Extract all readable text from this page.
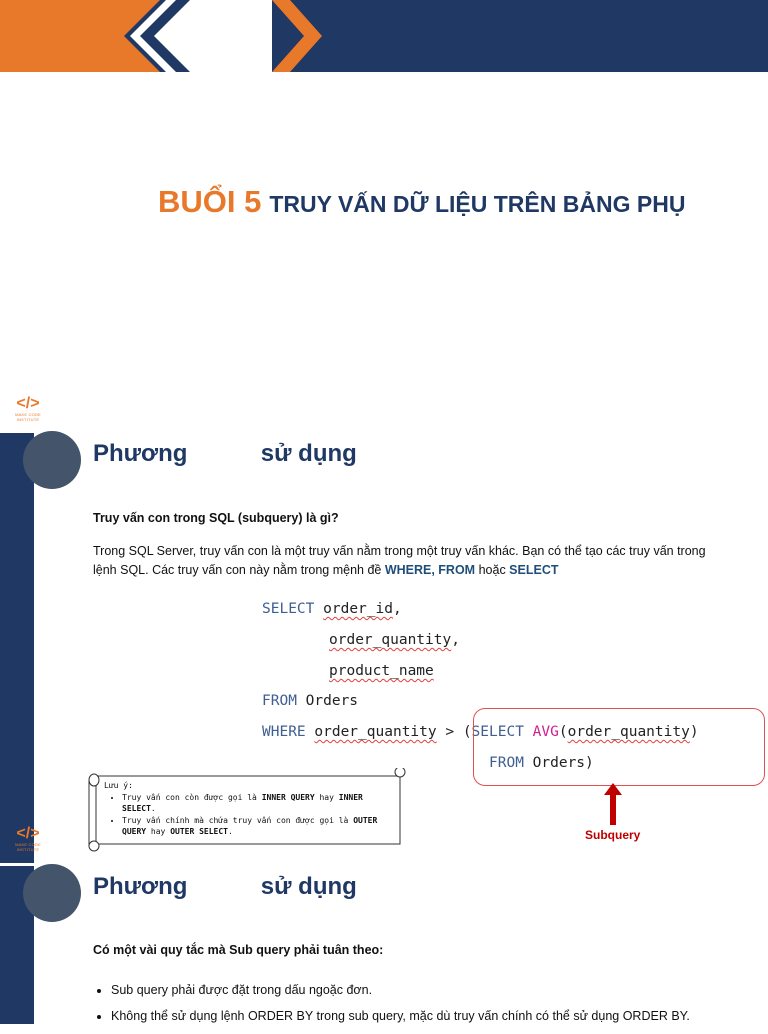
BUỔI 5 TRUY VẤN DỮ LIỆU TRÊN BẢNG PHỤ
</>
MAKE CODE INSTITUTE
Phương           sử dụng
Truy vấn con trong SQL (subquery) là gì?
Trong SQL Server, truy vấn con là một truy vấn nằm trong một truy vấn khác. Bạn có thể tạo các truy vấn trong
lệnh SQL. Các truy vấn con này nằm trong mệnh đề WHERE, FROM hoặc SELECT
SELECT order_id,
order_quantity,
product_name
FROM Orders
WHERE order_quantity > (SELECT AVG(order_quantity)
FROM Orders)
Subquery
Lưu ý:
• Truy vấn con còn được gọi là INNER QUERY hay INNER SELECT.
• Truy vấn chính mà chứa truy vấn con được gọi là OUTER QUERY hay OUTER SELECT.
</>
MAKE CODE INSTITUTE
Phương           sử dụng
Có một vài quy tắc mà Sub query phải tuân theo:
• Sub query phải được đặt trong dấu ngoặc đơn.
• Không thể sử dụng lệnh ORDER BY trong sub query, mặc dù truy vấn chính có thể sử dụng ORDER BY.
